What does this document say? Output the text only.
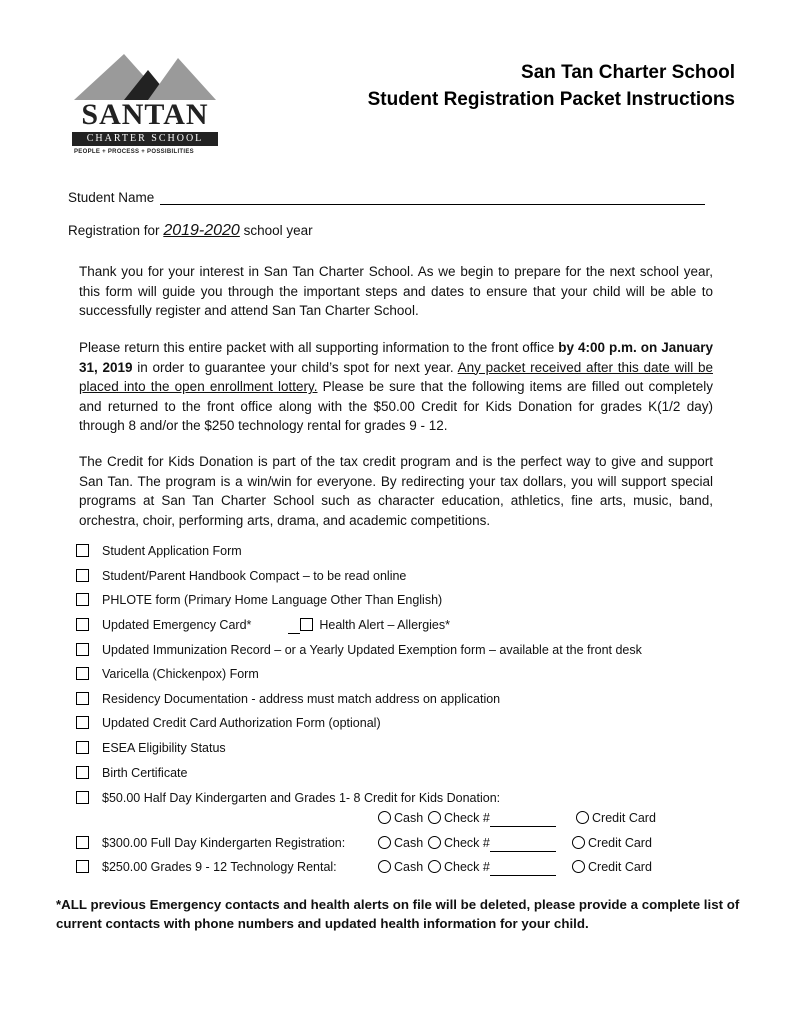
SANTAN
CHARTER SCHOOL
PEOPLE + PROCESS + POSSIBILITIES
San Tan Charter School
Student Registration Packet Instructions
Student Name
Registration for 2019-2020 school year
Thank you for your interest in San Tan Charter School. As we begin to prepare for the next school year, this form will guide you through the important steps and dates to ensure that your child will be able to successfully register and attend San Tan Charter School.
Please return this entire packet with all supporting information to the front office by 4:00 p.m. on January 31, 2019 in order to guarantee your child’s spot for next year. Any packet received after this date will be placed into the open enrollment lottery. Please be sure that the following items are filled out completely and returned to the front office along with the $50.00 Credit for Kids Donation for grades K(1/2 day) through 8 and/or the $250 technology rental for grades 9 - 12.
The Credit for Kids Donation is part of the tax credit program and is the perfect way to give and support San Tan. The program is a win/win for everyone. By redirecting your tax dollars, you will support special programs at San Tan Charter School such as character education, athletics, fine arts, music, band, orchestra, choir, performing arts, drama, and academic competitions.
Student Application Form
Student/Parent Handbook Compact – to be read online
PHLOTE form (Primary Home Language Other Than English)
Updated Emergency Card*	Health Alert – Allergies*
Updated Immunization Record – or a Yearly Updated Exemption form – available at the front desk
Varicella (Chickenpox) Form
Residency Documentation - address must match address on application
Updated Credit Card Authorization Form (optional)
ESEA Eligibility Status
Birth Certificate
$50.00 Half Day Kindergarten and Grades 1- 8 Credit for Kids Donation:
Cash	Check #	Credit Card
$300.00 Full Day Kindergarten Registration:	Cash	Check #	Credit Card
$250.00 Grades 9 - 12 Technology Rental:	Cash	Check #	Credit Card
*ALL previous Emergency contacts and health alerts on file will be deleted, please provide a complete list of current contacts with phone numbers and updated health information for your child.
